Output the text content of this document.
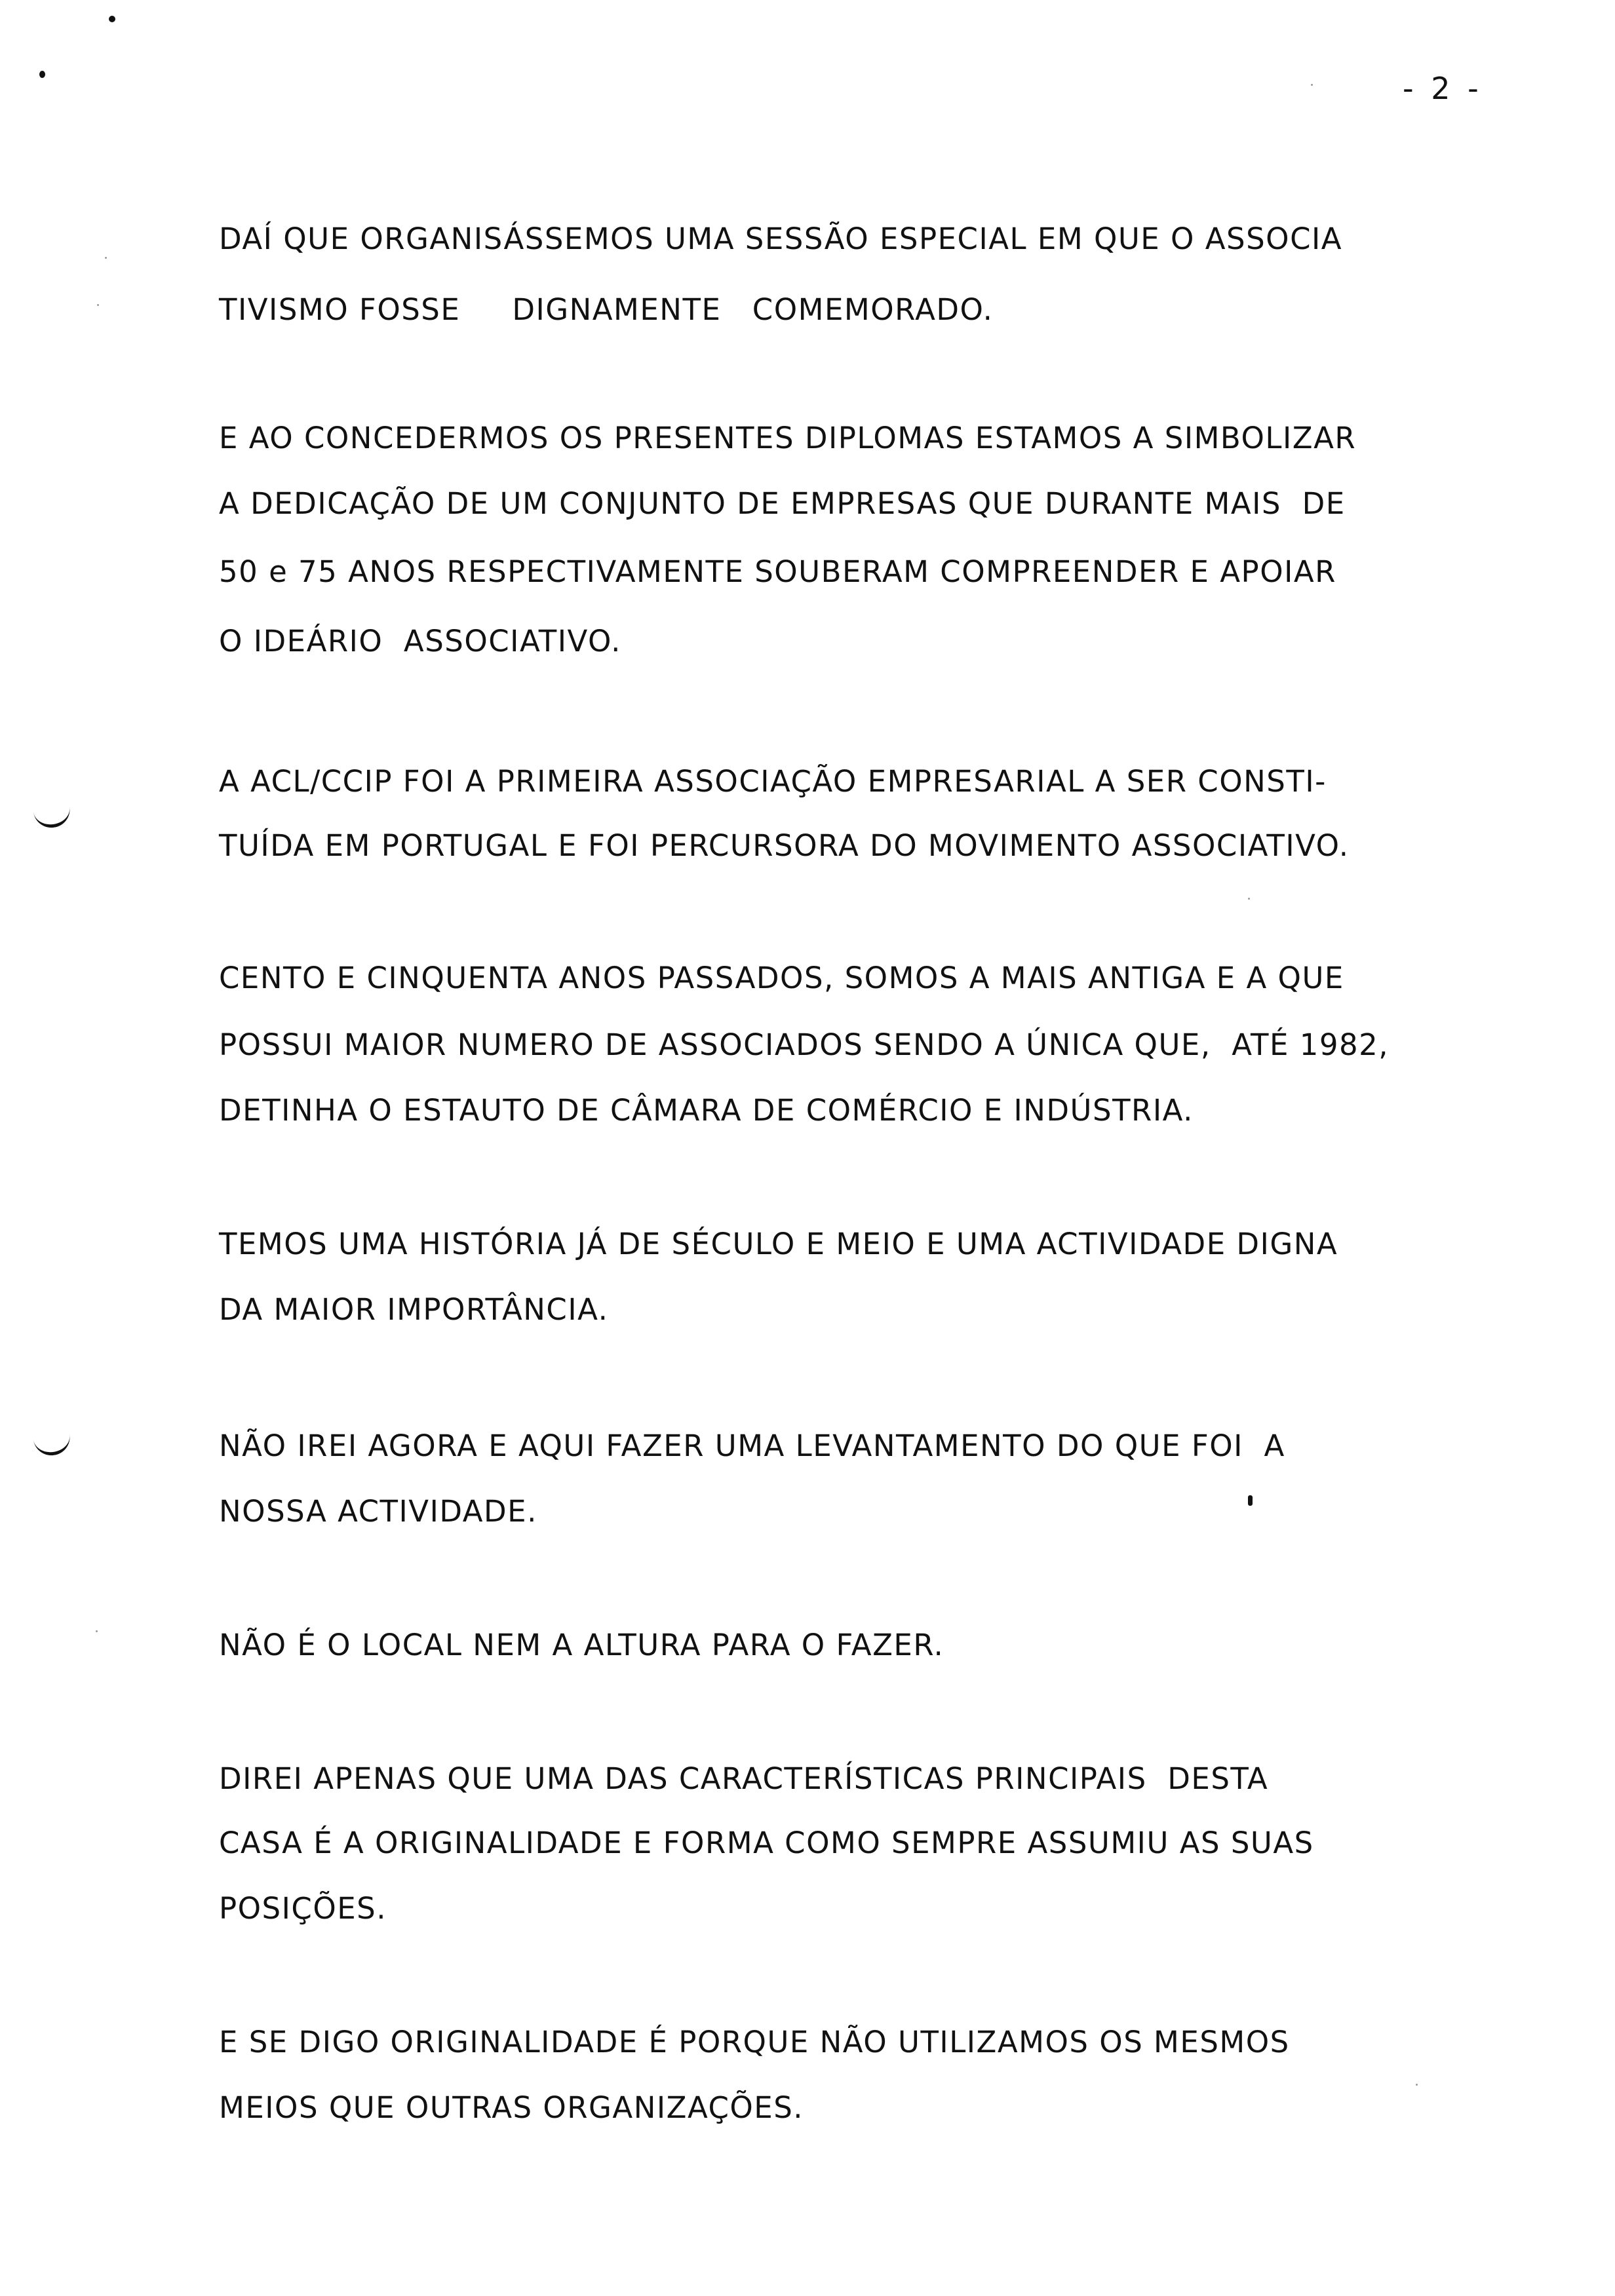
- 2 -

DAÍ QUE ORGANISÁSSEMOS UMA SESSÃO ESPECIAL EM QUE O ASSOCIA

TIVISMO FOSSE     DIGNAMENTE   COMEMORADO.

E AO CONCEDERMOS OS PRESENTES DIPLOMAS ESTAMOS A SIMBOLIZAR

A DEDICAÇÃO DE UM CONJUNTO DE EMPRESAS QUE DURANTE MAIS  DE

50 e 75 ANOS RESPECTIVAMENTE SOUBERAM COMPREENDER E APOIAR

O IDEÁRIO  ASSOCIATIVO.

A ACL/CCIP FOI A PRIMEIRA ASSOCIAÇÃO EMPRESARIAL A SER CONSTI-

TUÍDA EM PORTUGAL E FOI PERCURSORA DO MOVIMENTO ASSOCIATIVO.

CENTO E CINQUENTA ANOS PASSADOS, SOMOS A MAIS ANTIGA E A QUE

POSSUI MAIOR NUMERO DE ASSOCIADOS SENDO A ÚNICA QUE,  ATÉ 1982,

DETINHA O ESTAUTO DE CÂMARA DE COMÉRCIO E INDÚSTRIA.

TEMOS UMA HISTÓRIA JÁ DE SÉCULO E MEIO E UMA ACTIVIDADE DIGNA

DA MAIOR IMPORTÂNCIA.

NÃO IREI AGORA E AQUI FAZER UMA LEVANTAMENTO DO QUE FOI  A

NOSSA ACTIVIDADE.

NÃO É O LOCAL NEM A ALTURA PARA O FAZER.

DIREI APENAS QUE UMA DAS CARACTERÍSTICAS PRINCIPAIS  DESTA

CASA É A ORIGINALIDADE E FORMA COMO SEMPRE ASSUMIU AS SUAS

POSIÇÕES.

E SE DIGO ORIGINALIDADE É PORQUE NÃO UTILIZAMOS OS MESMOS

MEIOS QUE OUTRAS ORGANIZAÇÕES.
